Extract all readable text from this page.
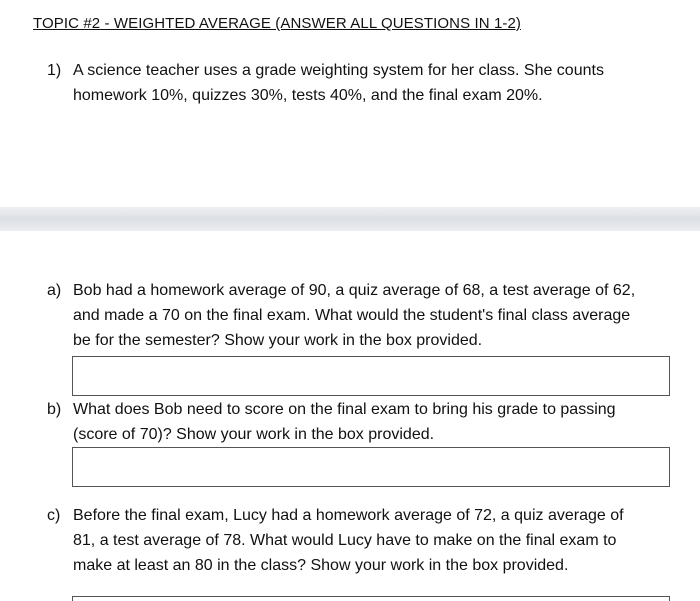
TOPIC #2 - WEIGHTED AVERAGE (ANSWER ALL QUESTIONS IN 1-2)
1) A science teacher uses a grade weighting system for her class. She counts
homework 10%, quizzes 30%, tests 40%, and the final exam 20%.
a) Bob had a homework average of 90, a quiz average of 68, a test average of 62,
and made a 70 on the final exam. What would the student's final class average
be for the semester? Show your work in the box provided.
b) What does Bob need to score on the final exam to bring his grade to passing
(score of 70)? Show your work in the box provided.
c) Before the final exam, Lucy had a homework average of 72, a quiz average of
81, a test average of 78. What would Lucy have to make on the final exam to
make at least an 80 in the class? Show your work in the box provided.
